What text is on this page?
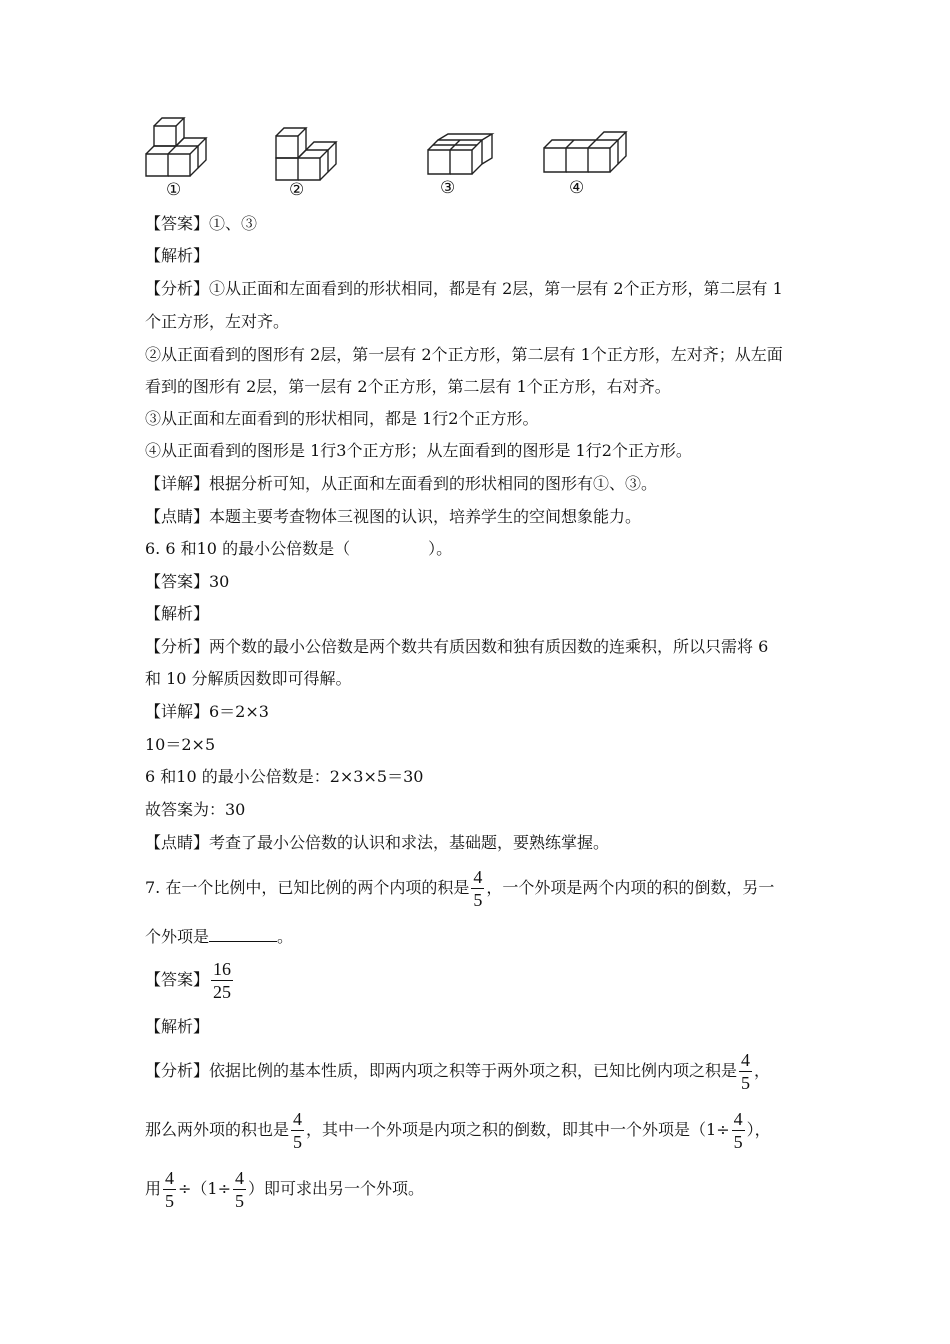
①	②	③	④
【答案】①、③
【解析】
【分析】①从正面和左面看到的形状相同，都是有 2层，第一层有 2个正方形，第二层有 1
个正方形，左对齐。
②从正面看到的图形有 2层，第一层有 2个正方形，第二层有 1个正方形，左对齐；从左面
看到的图形有 2层，第一层有 2个正方形，第二层有 1个正方形，右对齐。
③从正面和左面看到的形状相同，都是 1行2个正方形。
④从正面看到的图形是 1行3个正方形；从左面看到的图形是 1行2个正方形。
【详解】根据分析可知，从正面和左面看到的形状相同的图形有①、③。
【点睛】本题主要考查物体三视图的认识，培养学生的空间想象能力。
6. 6 和10 的最小公倍数是（	）。
【答案】30
【解析】
【分析】两个数的最小公倍数是两个数共有质因数和独有质因数的连乘积，所以只需将 6
和 10 分解质因数即可得解。
【详解】6＝2×3
10＝2×5
6 和10 的最小公倍数是：2×3×5＝30
故答案为：30
【点睛】考查了最小公倍数的认识和求法，基础题，要熟练掌握。
7. 在一个比例中，已知比例的两个内项的积是 $\frac{4}{5}$ ，一个外项是两个内项的积的倒数，另一
个外项是	。
【答案】 $\frac{16}{25}$
【解析】
【分析】依据比例的基本性质，即两内项之积等于两外项之积，已知比例内项之积是 $\frac{4}{5}$ ，
那么两外项的积也是 $\frac{4}{5}$ ，其中一个外项是内项之积的倒数，即其中一个外项是（$1\div \frac{4}{5}$ ），
用 $\frac{4}{5} \div(1\div \frac{4}{5}$ ）即可求出另一个外项。
